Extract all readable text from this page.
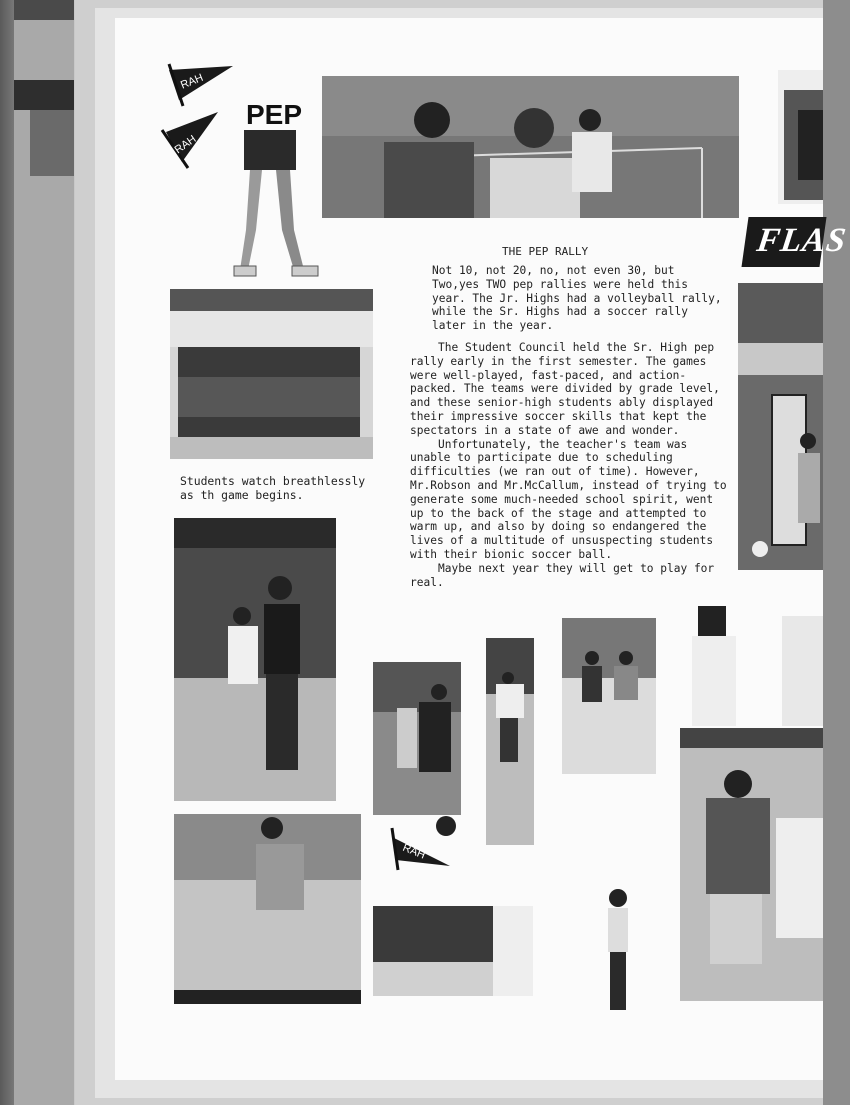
RAH
RAH
RAH
PEP
FLAS
THE PEP RALLY

Not 10, not 20, no, not even 30, but Two,yes TWO pep rallies were held this year. The Jr. Highs had a volleyball rally, while the Sr. Highs had a soccer rally later in the year.

The Student Council held the Sr. High pep rally early in the first semester. The games were well-played, fast-paced, and action-packed. The teams were divided by grade level, and these senior-high students ably displayed their impressive soccer skills that kept the spectators in a state of awe and wonder.

Unfortunately, the teacher's team was unable to participate due to scheduling difficulties (we ran out of time). However, Mr.Robson and Mr.McCallum, instead of trying to generate some much-needed school spirit, went up to the back of the stage and attempted to warm up, and also by doing so endangered the lives of a multitude of unsuspecting students with their bionic soccer ball.

Maybe next year they will get to play for real.

Students watch breathlessly as th game begins.
